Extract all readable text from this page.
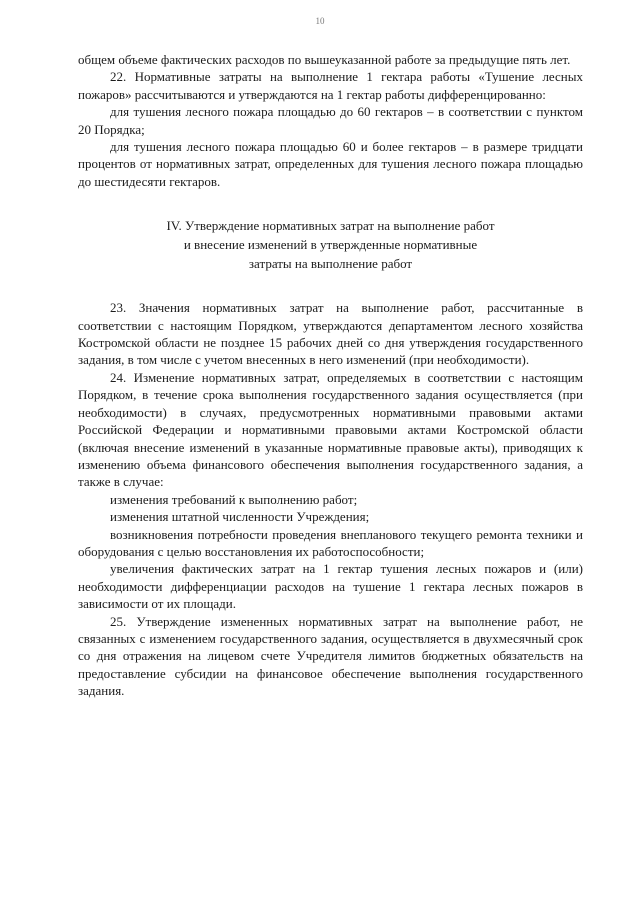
10

общем объеме фактических расходов по вышеуказанной работе за предыдущие пять лет.

22. Нормативные затраты на выполнение 1 гектара работы «Тушение лесных пожаров» рассчитываются и утверждаются на 1 гектар работы дифференцированно:

для тушения лесного пожара площадью до 60 гектаров – в соответствии с пунктом 20 Порядка;

для тушения лесного пожара площадью 60 и более гектаров – в размере тридцати процентов от нормативных затрат, определенных для тушения лесного пожара площадью до шестидесяти гектаров.

IV. Утверждение нормативных затрат на выполнение работ
и внесение изменений в утвержденные нормативные
затраты на выполнение работ

23. Значения нормативных затрат на выполнение работ, рассчитанные в соответствии с настоящим Порядком, утверждаются департаментом лесного хозяйства Костромской области не позднее 15 рабочих дней со дня утверждения государственного задания, в том числе с учетом внесенных в него изменений (при необходимости).

24. Изменение нормативных затрат, определяемых в соответствии с настоящим Порядком, в течение срока выполнения государственного задания осуществляется (при необходимости) в случаях, предусмотренных нормативными правовыми актами Российской Федерации и нормативными правовыми актами Костромской области (включая внесение изменений в указанные нормативные правовые акты), приводящих к изменению объема финансового обеспечения выполнения государственного задания, а также в случае:

изменения требований к выполнению работ;

изменения штатной численности Учреждения;

возникновения потребности проведения внепланового текущего ремонта техники и оборудования с целью восстановления их работоспособности;

увеличения фактических затрат на 1 гектар тушения лесных пожаров и (или) необходимости дифференциации расходов на тушение 1 гектара лесных пожаров в зависимости от их площади.

25. Утверждение измененных нормативных затрат на выполнение работ, не связанных с изменением государственного задания, осуществляется в двухмесячный срок со дня отражения на лицевом счете Учредителя лимитов бюджетных обязательств на предоставление субсидии на финансовое обеспечение выполнения государственного задания.
